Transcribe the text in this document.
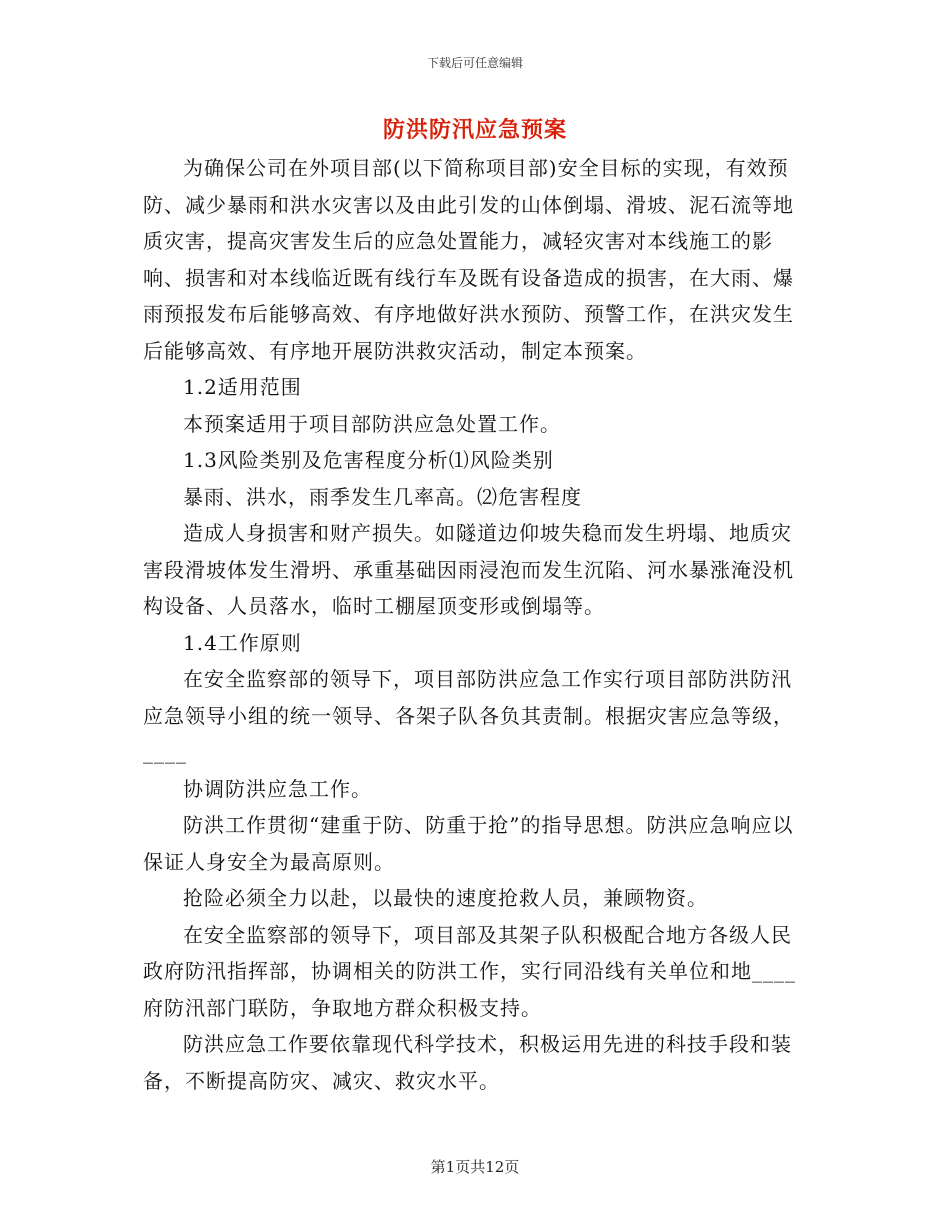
下载后可任意编辑
防洪防汛应急预案

为确保公司在外项目部(以下简称项目部)安全目标的实现，有效预防、减少暴雨和洪水灾害以及由此引发的山体倒塌、滑坡、泥石流等地质灾害，提高灾害发生后的应急处置能力，减轻灾害对本线施工的影响、损害和对本线临近既有线行车及既有设备造成的损害，在大雨、爆雨预报发布后能够高效、有序地做好洪水预防、预警工作，在洪灾发生后能够高效、有序地开展防洪救灾活动，制定本预案。

1.2适用范围

本预案适用于项目部防洪应急处置工作。

1.3风险类别及危害程度分析⑴风险类别

暴雨、洪水，雨季发生几率高。⑵危害程度

造成人身损害和财产损失。如隧道边仰坡失稳而发生坍塌、地质灾害段滑坡体发生滑坍、承重基础因雨浸泡而发生沉陷、河水暴涨淹没机构设备、人员落水，临时工棚屋顶变形或倒塌等。

1.4工作原则

在安全监察部的领导下，项目部防洪应急工作实行项目部防洪防汛应急领导小组的统一领导、各架子队各负其责制。根据灾害应急等级，____

协调防洪应急工作。

防洪工作贯彻“建重于防、防重于抢”的指导思想。防洪应急响应以保证人身安全为最高原则。

抢险必须全力以赴，以最快的速度抢救人员，兼顾物资。

在安全监察部的领导下，项目部及其架子队积极配合地方各级人民政府防汛指挥部，协调相关的防洪工作，实行同沿线有关单位和地____府防汛部门联防，争取地方群众积极支持。

防洪应急工作要依靠现代科学技术，积极运用先进的科技手段和装备，不断提高防灾、减灾、救灾水平。

第1页共12页
